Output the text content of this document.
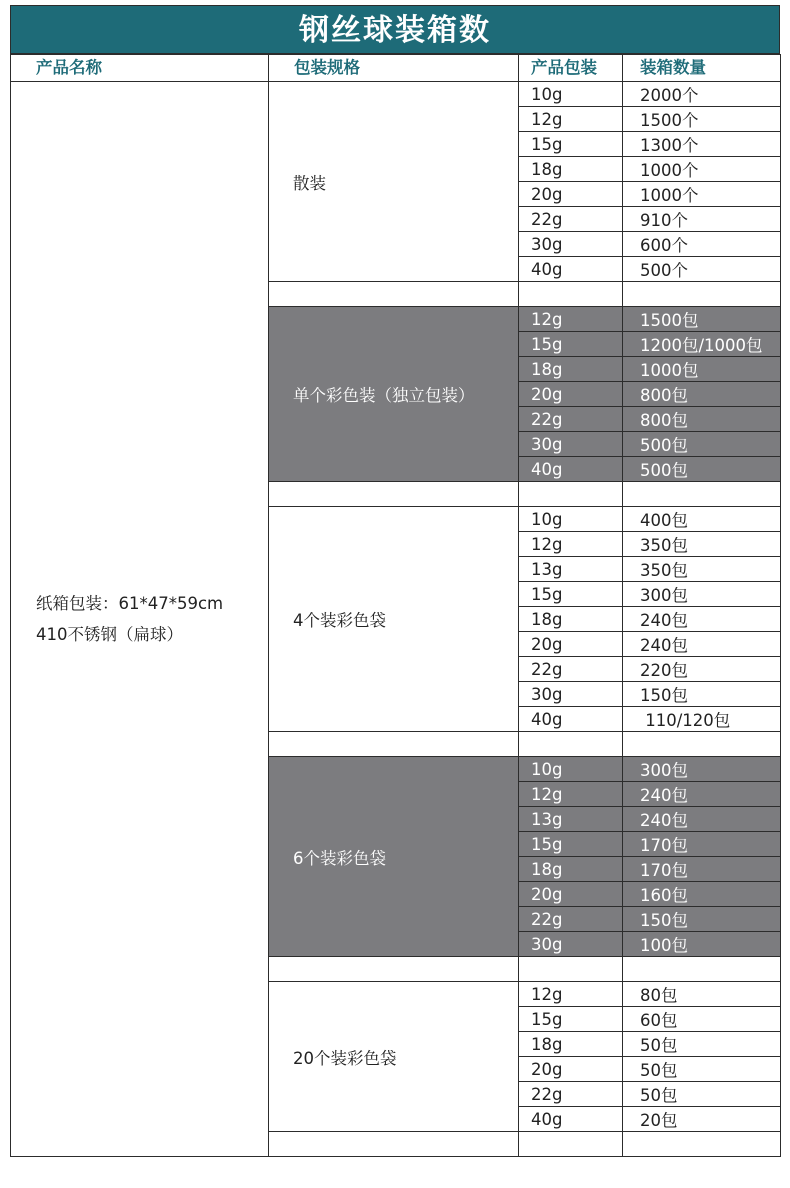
钢丝球装箱数
产品名称	包装规格	产品包装	装箱数量

纸箱包装：61*47*59cm
410不锈钢（扁球）	散装	10g	2000个
		12g	1500个
		15g	1300个
		18g	1000个
		20g	1000个
		22g	910个
		30g	600个
		40g	500个

	单个彩色装（独立包装）	12g	1500包
		15g	1200包/1000包
		18g	1000包
		20g	800包
		22g	800包
		30g	500包
		40g	500包

	4个装彩色袋	10g	400包
		12g	350包
		13g	350包
		15g	300包
		18g	240包
		20g	240包
		22g	220包
		30g	150包
		40g	110/120包

	6个装彩色袋	10g	300包
		12g	240包
		13g	240包
		15g	170包
		18g	170包
		20g	160包
		22g	150包
		30g	100包

	20个装彩色袋	12g	80包
		15g	60包
		18g	50包
		20g	50包
		22g	50包
		40g	20包
